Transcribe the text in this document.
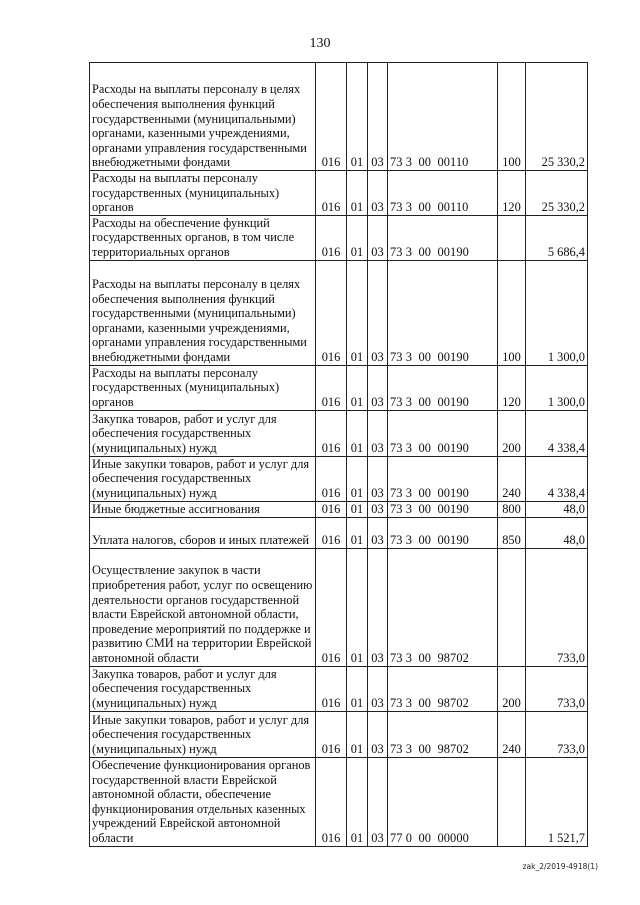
130
Расходы на выплаты персоналу в целях обеспечения выполнения функций государственными (муниципальными) органами, казенными учреждениями, органами управления государственными внебюджетными фондами	016	01	03	73 3  00  00110	100	25 330,2
Расходы на выплаты персоналу государственных (муниципальных) органов	016	01	03	73 3  00  00110	120	25 330,2
Расходы на обеспечение функций государственных органов, в том числе территориальных органов	016	01	03	73 3  00  00190		5 686,4
Расходы на выплаты персоналу в целях обеспечения выполнения функций государственными (муниципальными) органами, казенными учреждениями, органами управления государственными внебюджетными фондами	016	01	03	73 3  00  00190	100	1 300,0
Расходы на выплаты персоналу государственных (муниципальных) органов	016	01	03	73 3  00  00190	120	1 300,0
Закупка товаров, работ и услуг для обеспечения государственных (муниципальных) нужд	016	01	03	73 3  00  00190	200	4 338,4
Иные закупки товаров, работ и услуг для обеспечения государственных (муниципальных) нужд	016	01	03	73 3  00  00190	240	4 338,4
Иные бюджетные ассигнования	016	01	03	73 3  00  00190	800	48,0
Уплата налогов, сборов и иных платежей	016	01	03	73 3  00  00190	850	48,0
Осуществление закупок в части приобретения работ, услуг по освещению деятельности органов государственной власти Еврейской автономной области, проведение мероприятий по поддержке и развитию СМИ на территории Еврейской автономной области	016	01	03	73 3  00  98702		733,0
Закупка товаров, работ и услуг для обеспечения государственных (муниципальных) нужд	016	01	03	73 3  00  98702	200	733,0
Иные закупки товаров, работ и услуг для обеспечения государственных (муниципальных) нужд	016	01	03	73 3  00  98702	240	733,0
Обеспечение функционирования органов государственной власти Еврейской автономной области, обеспечение функционирования отдельных казенных учреждений Еврейской автономной области	016	01	03	77 0  00  00000		1 521,7
zak_2/2019-4918(1)
